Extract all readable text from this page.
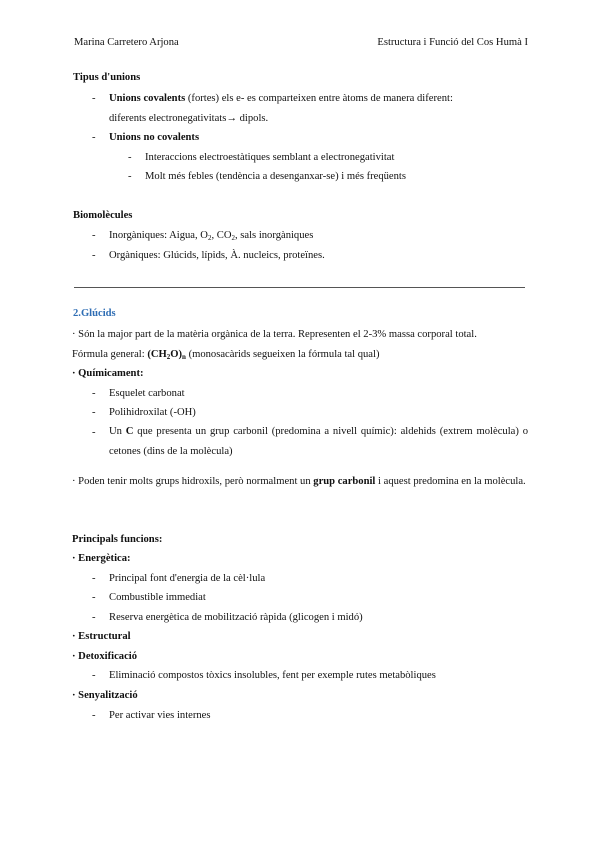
Marina Carretero Arjona	Estructura i Funció del Cos Humà I
Tipus d'unions
- Unions covalents (fortes) els e- es comparteixen entre àtoms de manera diferent:
diferents electronegativitats→ dipols.
- Unions no covalents
- Interaccions electroestàtiques semblant a electronegativitat
- Molt més febles (tendència a desenganxar-se) i més freqüents
Biomolècules
- Inorgàniques: Aigua, $O_2$, $CO_2$, sals inorgàniques
- Orgàniques: Glúcids, lípids, À. nucleics, proteïnes.
2.Glúcids
· Són la major part de la matèria orgànica de la terra. Representen el 2-3% massa corporal total.
Fórmula general: $(CH_2O)_n$ (monosacàrids segueixen la fórmula tal qual)
· Químicament:
- Esquelet carbonat
- Polihidroxilat (-OH)
- Un C que presenta un grup carbonil (predomina a nivell químic): aldehids (extrem molècula) o cetones (dins de la molècula)
· Poden tenir molts grups hidroxils, però normalment un grup carbonil i aquest predomina en la molècula.
Principals funcions:
· Energètica:
- Principal font d'energia de la cèl·lula
- Combustible immediat
- Reserva energètica de mobilització ràpida (glicogen i midó)
· Estructural
· Detoxificació
- Eliminació compostos tòxics insolubles, fent per exemple rutes metabòliques
· Senyalització
- Per activar vies internes
